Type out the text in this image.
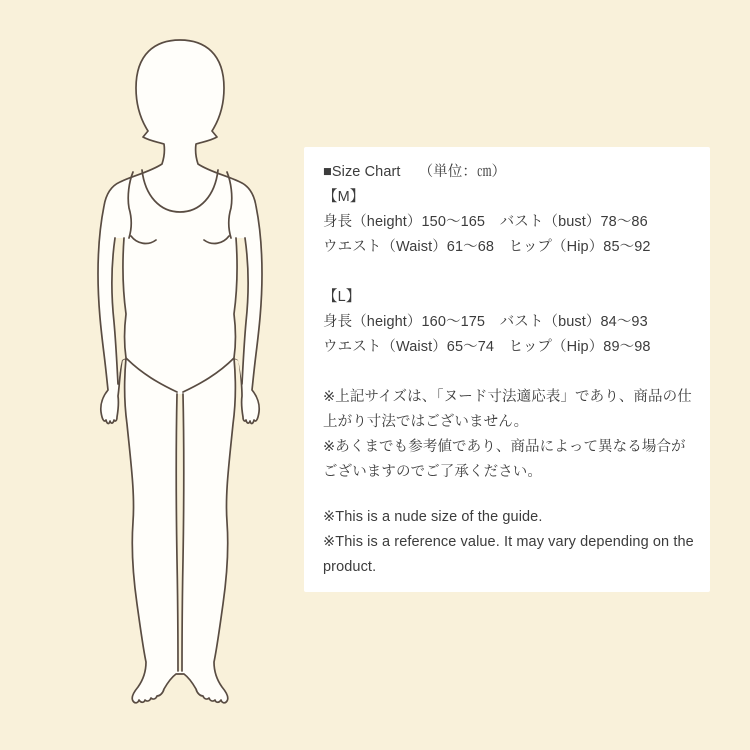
■Size Chart （単位：㎝）
【M】
身長（height）150〜165　バスト（bust）78〜86
ウエスト（Waist）61〜68　ヒップ（Hip）85〜92
【L】
身長（height）160〜175　バスト（bust）84〜93
ウエスト（Waist）65〜74　ヒップ（Hip）89〜98

※上記サイズは、「ヌード寸法適応表」であり、商品の仕上がり寸法ではございません。

※あくまでも参考値であり、商品によって異なる場合がございますのでご了承ください。

※This is a nude size of the guide.

※This is a reference value. It may vary depending on the product.
